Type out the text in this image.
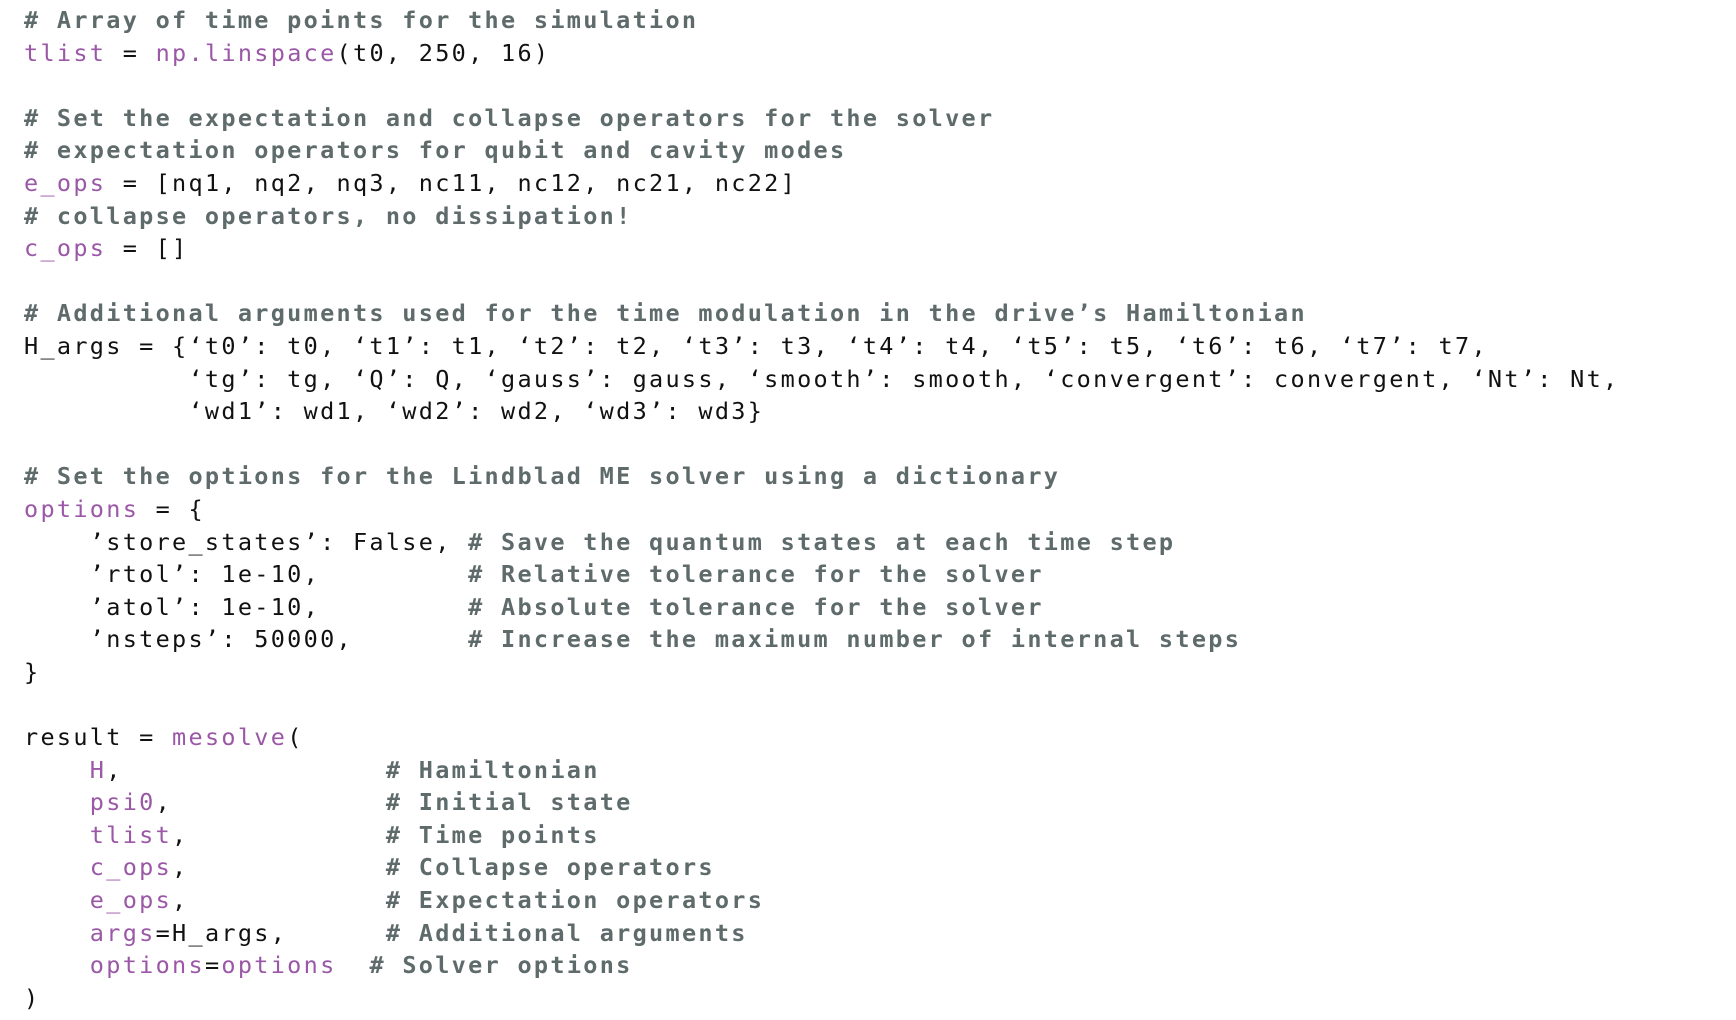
# Array of time points for the simulation
tlist = np.linspace(t0, 250, 16)

# Set the expectation and collapse operators for the solver
# expectation operators for qubit and cavity modes
e_ops = [nq1, nq2, nq3, nc11, nc12, nc21, nc22]
# collapse operators, no dissipation!
c_ops = []

# Additional arguments used for the time modulation in the drive’s Hamiltonian
H_args = {‘t0’: t0, ‘t1’: t1, ‘t2’: t2, ‘t3’: t3, ‘t4’: t4, ‘t5’: t5, ‘t6’: t6, ‘t7’: t7,
‘tg’: tg, ‘Q’: Q, ‘gauss’: gauss, ‘smooth’: smooth, ‘convergent’: convergent, ‘Nt’: Nt,
‘wd1’: wd1, ‘wd2’: wd2, ‘wd3’: wd3}

# Set the options for the Lindblad ME solver using a dictionary
options = {
’store_states’: False, # Save the quantum states at each time step
’rtol’: 1e-10,         # Relative tolerance for the solver
’atol’: 1e-10,         # Absolute tolerance for the solver
’nsteps’: 50000,       # Increase the maximum number of internal steps
}

result = mesolve(
H,                # Hamiltonian
psi0,             # Initial state
tlist,            # Time points
c_ops,            # Collapse operators
e_ops,            # Expectation operators
args=H_args,      # Additional arguments
options=options # Solver options
)
